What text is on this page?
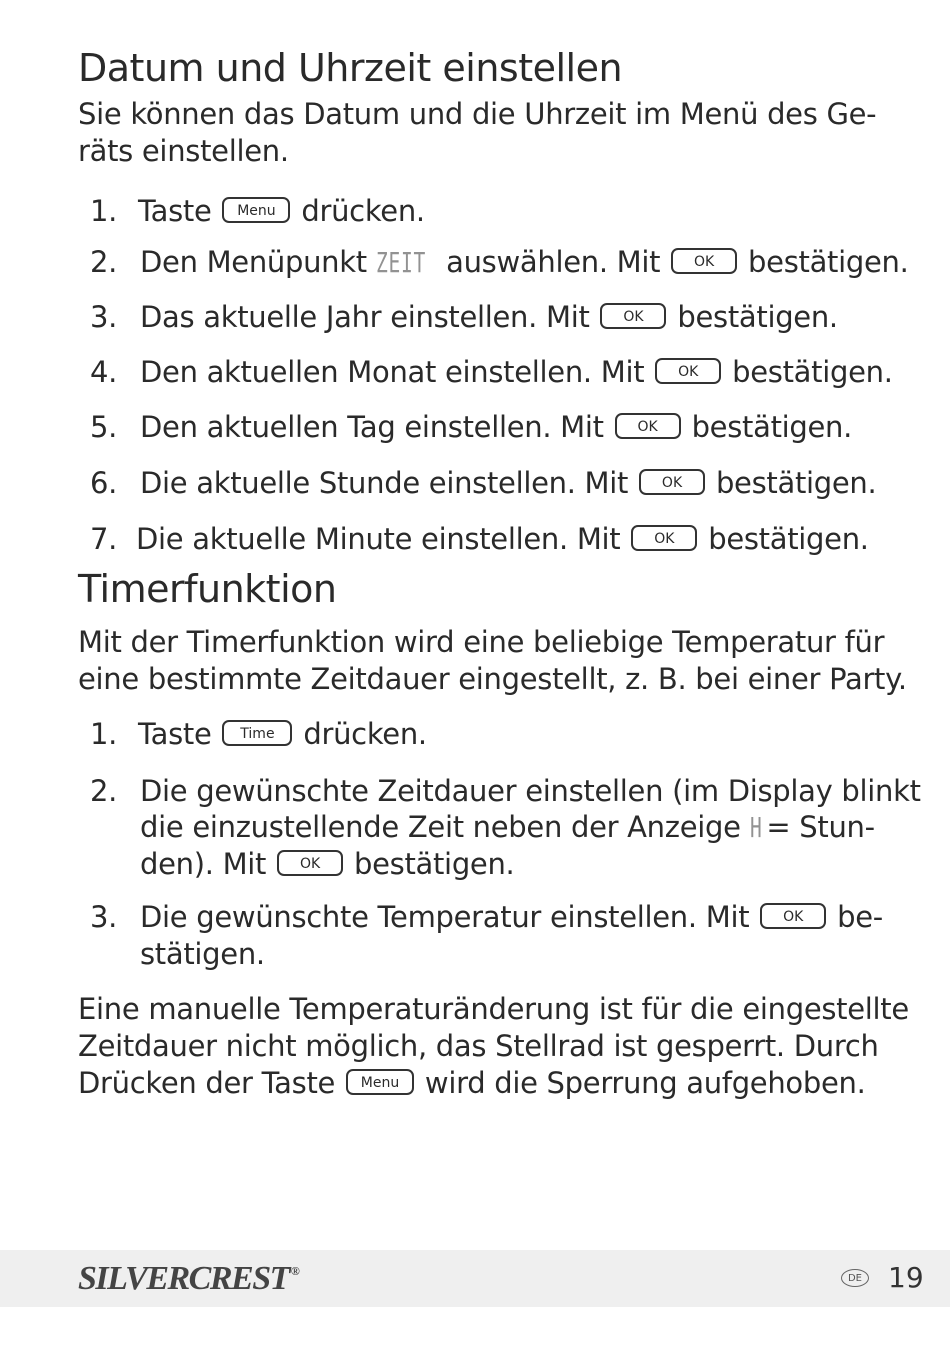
Datum und Uhrzeit einstellen

Sie können das Datum und die Uhrzeit im Menü des Ge-

räts einstellen.

1. Taste Menu drücken.
2. Den Menüpunkt ZEIT auswählen. Mit OK bestätigen.
3. Das aktuelle Jahr einstellen. Mit OK bestätigen.
4. Den aktuellen Monat einstellen. Mit OK bestätigen.
5. Den aktuellen Tag einstellen. Mit OK bestätigen.
6. Die aktuelle Stunde einstellen. Mit OK bestätigen.
7. Die aktuelle Minute einstellen. Mit OK bestätigen.
Timerfunktion

Mit der Timerfunktion wird eine beliebige Temperatur für

eine bestimmte Zeitdauer eingestellt, z. B. bei einer Party.

1. Taste Time drücken.
2. Die gewünschte Zeitdauer einstellen (im Display blinkt
die einzustellende Zeit neben der Anzeige H = Stun-
den). Mit OK bestätigen.
3. Die gewünschte Temperatur einstellen. Mit OK be-
stätigen.

Eine manuelle Temperaturänderung ist für die eingestellte

Zeitdauer nicht möglich, das Stellrad ist gesperrt. Durch

Drücken der Taste Menu wird die Sperrung aufgehoben.

SILVERCREST ®
DE 19
